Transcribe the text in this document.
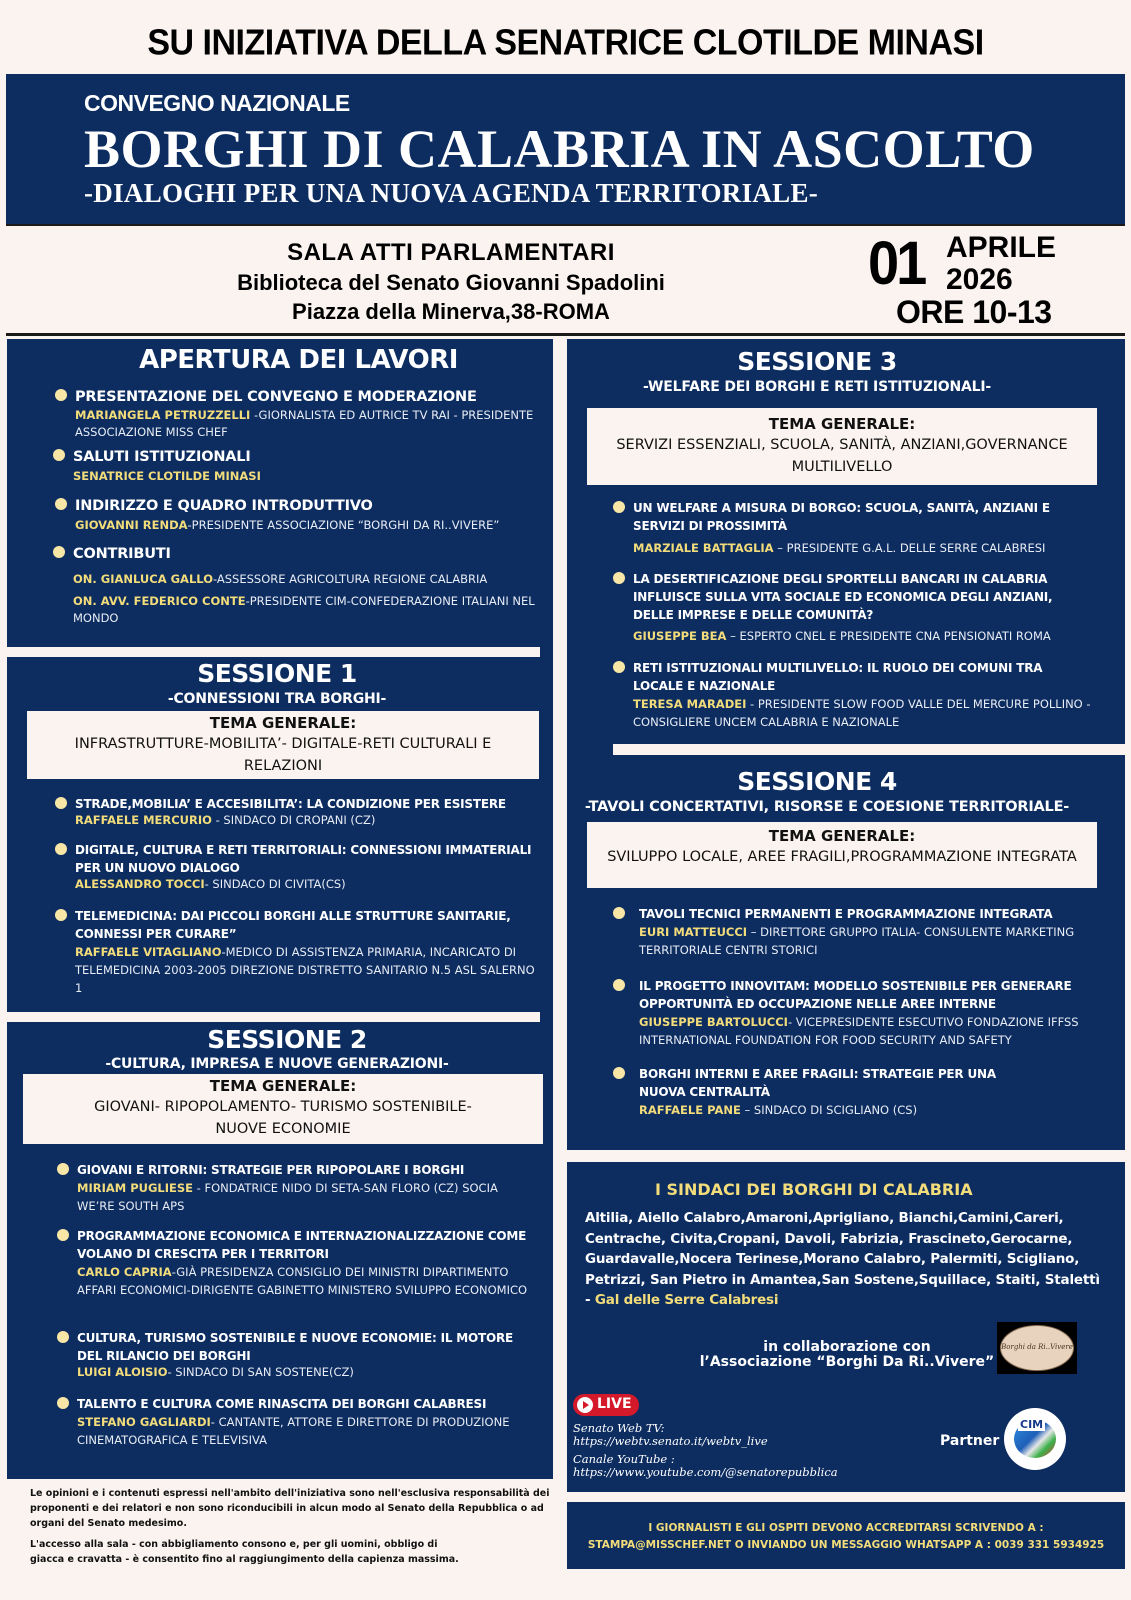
SU INIZIATIVA DELLA SENATRICE CLOTILDE MINASI
CONVEGNO NAZIONALE
BORGHI DI CALABRIA IN ASCOLTO
-DIALOGHI PER UNA NUOVA AGENDA TERRITORIALE-
SALA ATTI PARLAMENTARI
Biblioteca del Senato Giovanni Spadolini
Piazza della Minerva,38-ROMA
01 APRILE
2026
ORE 10-13
APERTURA DEI LAVORI
PRESENTAZIONE DEL CONVEGNO E MODERAZIONE
MARIANGELA PETRUZZELLI -GIORNALISTA ED AUTRICE TV RAI - PRESIDENTE ASSOCIAZIONE MISS CHEF
SALUTI ISTITUZIONALI
SENATRICE CLOTILDE MINASI
INDIRIZZO E QUADRO INTRODUTTIVO
GIOVANNI RENDA-PRESIDENTE ASSOCIAZIONE “BORGHI DA RI..VIVERE”
CONTRIBUTI
ON. GIANLUCA GALLO-ASSESSORE AGRICOLTURA REGIONE CALABRIA
ON. AVV. FEDERICO CONTE-PRESIDENTE CIM-CONFEDERAZIONE ITALIANI NEL MONDO
SESSIONE 1
-CONNESSIONI TRA BORGHI-
TEMA GENERALE:
INFRASTRUTTURE-MOBILITA’- DIGITALE-RETI CULTURALI E RELAZIONI
STRADE,MOBILIA’ E ACCESIBILITA’: LA CONDIZIONE PER ESISTERE
RAFFAELE MERCURIO - SINDACO DI CROPANI (CZ)
DIGITALE, CULTURA E RETI TERRITORIALI: CONNESSIONI IMMATERIALI PER UN NUOVO DIALOGO
ALESSANDRO TOCCI- SINDACO DI CIVITA(CS)
TELEMEDICINA: DAI PICCOLI BORGHI ALLE STRUTTURE SANITARIE, CONNESSI PER CURARE”
RAFFAELE VITAGLIANO-MEDICO DI ASSISTENZA PRIMARIA, INCARICATO DI TELEMEDICINA 2003-2005 DIREZIONE DISTRETTO SANITARIO N.5 ASL SALERNO 1
SESSIONE 2
-CULTURA, IMPRESA E NUOVE GENERAZIONI-
TEMA GENERALE:
GIOVANI- RIPOPOLAMENTO- TURISMO SOSTENIBILE- NUOVE ECONOMIE
GIOVANI E RITORNI: STRATEGIE PER RIPOPOLARE I BORGHI
MIRIAM PUGLIESE - FONDATRICE NIDO DI SETA-SAN FLORO (CZ) SOCIA WE’RE SOUTH APS
PROGRAMMAZIONE ECONOMICA E INTERNAZIONALIZZAZIONE COME VOLANO DI CRESCITA PER I TERRITORI
CARLO CAPRIA-GIÀ PRESIDENZA CONSIGLIO DEI MINISTRI DIPARTIMENTO AFFARI ECONOMICI-DIRIGENTE GABINETTO MINISTERO SVILUPPO ECONOMICO
CULTURA, TURISMO SOSTENIBILE E NUOVE ECONOMIE: IL MOTORE DEL RILANCIO DEI BORGHI
LUIGI ALOISIO- SINDACO DI SAN SOSTENE(CZ)
TALENTO E CULTURA COME RINASCITA DEI BORGHI CALABRESI
STEFANO GAGLIARDI- CANTANTE, ATTORE E DIRETTORE DI PRODUZIONE CINEMATOGRAFICA E TELEVISIVA

Le opinioni e i contenuti espressi nell'ambito dell'iniziativa sono nell'esclusiva responsabilità dei proponenti e dei relatori e non sono riconducibili in alcun modo al Senato della Repubblica o ad organi del Senato medesimo.

L'accesso alla sala - con abbigliamento consono e, per gli uomini, obbligo di giacca e cravatta - è consentito fino al raggiungimento della capienza massima.

SESSIONE 3
-WELFARE DEI BORGHI E RETI ISTITUZIONALI-
TEMA GENERALE:
SERVIZI ESSENZIALI, SCUOLA, SANITÀ, ANZIANI,GOVERNANCE MULTILIVELLO
UN WELFARE A MISURA DI BORGO: SCUOLA, SANITÀ, ANZIANI E SERVIZI DI PROSSIMITÀ
MARZIALE BATTAGLIA – PRESIDENTE G.A.L. DELLE SERRE CALABRESI
LA DESERTIFICAZIONE DEGLI SPORTELLI BANCARI IN CALABRIA INFLUISCE SULLA VITA SOCIALE ED ECONOMICA DEGLI ANZIANI, DELLE IMPRESE E DELLE COMUNITÀ?
GIUSEPPE BEA – ESPERTO CNEL E PRESIDENTE CNA PENSIONATI ROMA
RETI ISTITUZIONALI MULTILIVELLO: IL RUOLO DEI COMUNI TRA LOCALE E NAZIONALE
TERESA MARADEI - PRESIDENTE SLOW FOOD VALLE DEL MERCURE POLLINO - CONSIGLIERE UNCEM CALABRIA E NAZIONALE
SESSIONE 4
-TAVOLI CONCERTATIVI, RISORSE E COESIONE TERRITORIALE-
TEMA GENERALE:
SVILUPPO LOCALE, AREE FRAGILI,PROGRAMMAZIONE INTEGRATA
TAVOLI TECNICI PERMANENTI E PROGRAMMAZIONE INTEGRATA
EURI MATTEUCCI – DIRETTORE GRUPPO ITALIA- CONSULENTE MARKETING TERRITORIALE CENTRI STORICI
IL PROGETTO INNOVITAM: MODELLO SOSTENIBILE PER GENERARE OPPORTUNITÀ ED OCCUPAZIONE NELLE AREE INTERNE
GIUSEPPE BARTOLUCCI- VICEPRESIDENTE ESECUTIVO FONDAZIONE IFFSS INTERNATIONAL FOUNDATION FOR FOOD SECURITY AND SAFETY
BORGHI INTERNI E AREE FRAGILI: STRATEGIE PER UNA NUOVA CENTRALITÀ
RAFFAELE PANE – SINDACO DI SCIGLIANO (CS)
I SINDACI DEI BORGHI DI CALABRIA
Altilia, Aiello Calabro,Amaroni,Aprigliano, Bianchi,Camini,Careri, Centrache, Civita,Cropani, Davoli, Fabrizia, Frascineto,Gerocarne, Guardavalle,Nocera Terinese,Morano Calabro, Palermiti, Scigliano, Petrizzi, San Pietro in Amantea,San Sostene,Squillace, Staiti, Stalettì
- Gal delle Serre Calabresi
in collaborazione con
l’Associazione “Borghi Da Ri..Vivere”
Borghi da Ri..Vivere
LIVE
Senato Web TV:
https://webtv.senato.it/webtv_live
Canale YouTube :
https://www.youtube.com/@senatorepubblica
Partner
CIM
I GIORNALISTI E GLI OSPITI DEVONO ACCREDITARSI SCRIVENDO A :
STAMPA@MISSCHEF.NET O INVIANDO UN MESSAGGIO WHATSAPP A : 0039 331 5934925
